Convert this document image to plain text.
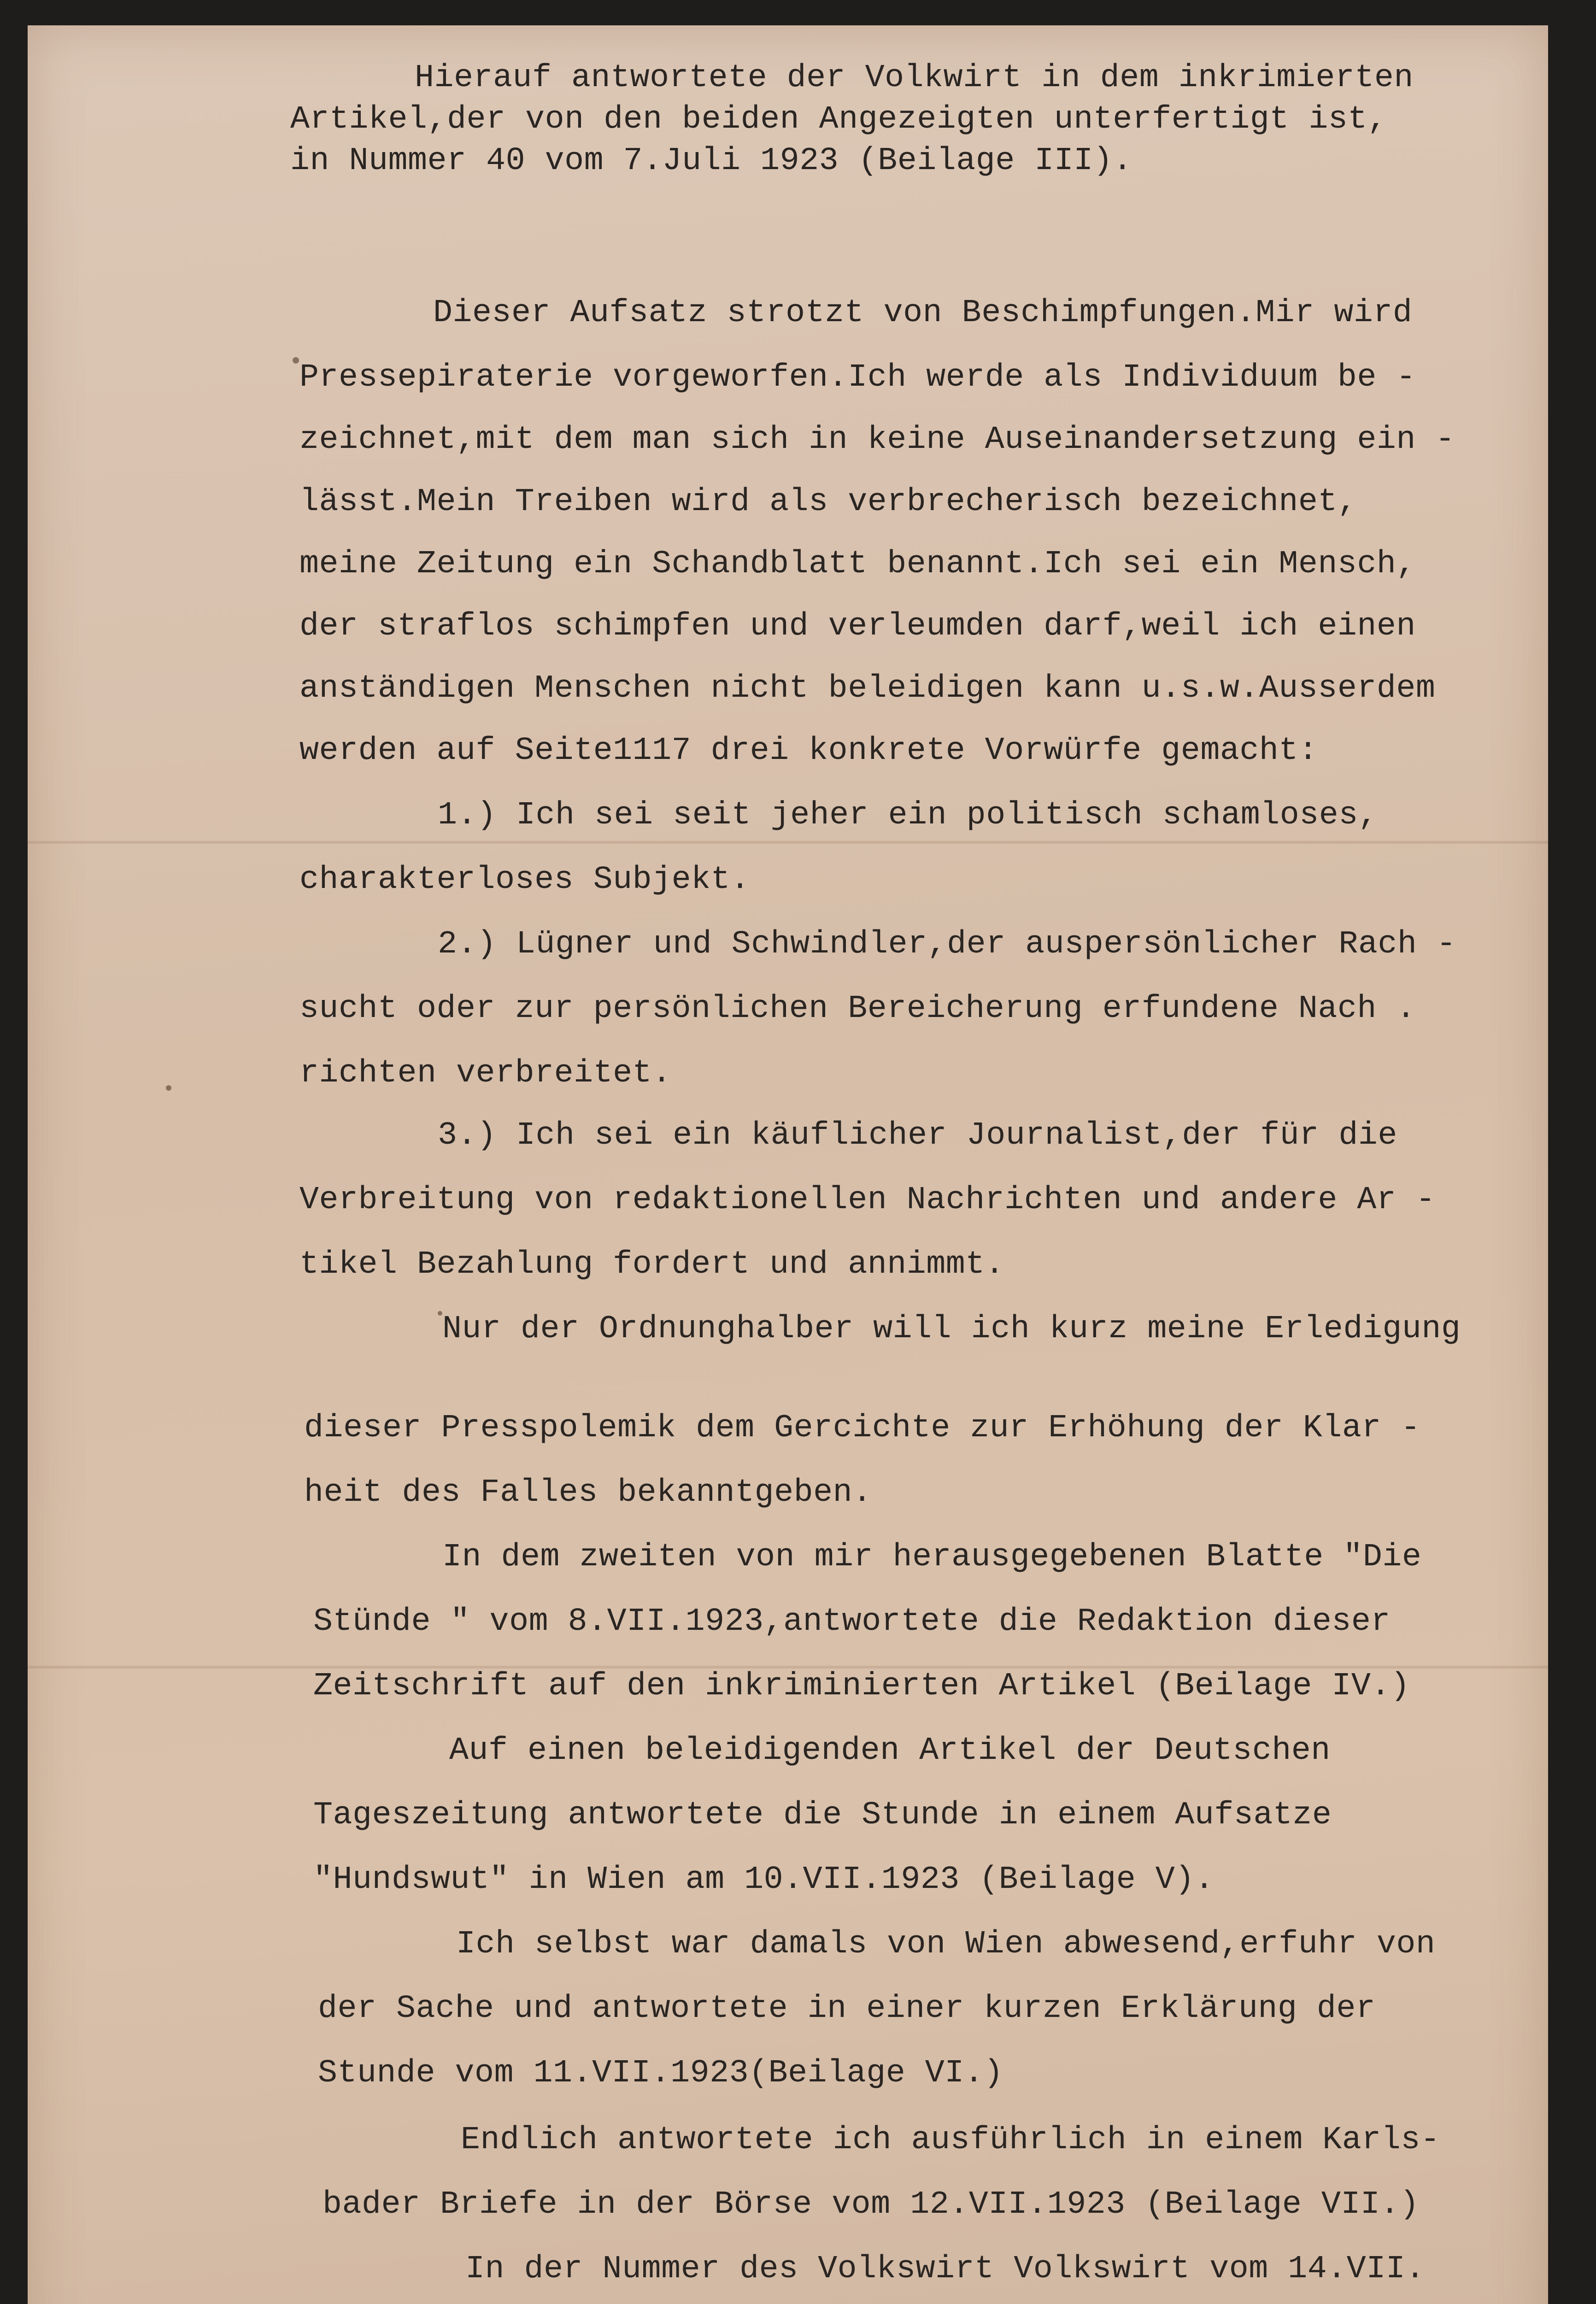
Hierauf antwortete der Volkwirt in dem inkrimierten
Artikel,der von den beiden Angezeigten unterfertigt ist,
in Nummer 40 vom 7.Juli 1923 (Beilage III).
Dieser Aufsatz strotzt von Beschimpfungen.Mir wird
Pressepiraterie vorgeworfen.Ich werde als Individuum be -
zeichnet,mit dem man sich in keine Auseinandersetzung ein -
lässt.Mein Treiben wird als verbrecherisch bezeichnet,
meine Zeitung ein Schandblatt benannt.Ich sei ein Mensch,
der straflos schimpfen und verleumden darf,weil ich einen
anständigen Menschen nicht beleidigen kann u.s.w.Ausserdem
werden auf Seite1117 drei konkrete Vorwürfe gemacht:
1.) Ich sei seit jeher ein politisch schamloses,
charakterloses Subjekt.
2.) Lügner und Schwindler,der auspersönlicher Rach -
sucht oder zur persönlichen Bereicherung erfundene Nach .
richten verbreitet.
3.) Ich sei ein käuflicher Journalist,der für die
Verbreitung von redaktionellen Nachrichten und andere Ar -
tikel Bezahlung fordert und annimmt.
Nur der Ordnunghalber will ich kurz meine Erledigung
dieser Presspolemik dem Gercichte zur Erhöhung der Klar -
heit des Falles bekanntgeben.
In dem zweiten von mir herausgegebenen Blatte "Die
Stünde " vom 8.VII.1923,antwortete die Redaktion dieser
Zeitschrift auf den inkriminierten Artikel (Beilage IV.)
Auf einen beleidigenden Artikel der Deutschen
Tageszeitung antwortete die Stunde in einem Aufsatze
"Hundswut" in Wien am 10.VII.1923 (Beilage V).
Ich selbst war damals von Wien abwesend,erfuhr von
der Sache und antwortete in einer kurzen Erklärung der
Stunde vom 11.VII.1923(Beilage VI.)
Endlich antwortete ich ausführlich in einem Karls-
bader Briefe in der Börse vom 12.VII.1923 (Beilage VII.)
In der Nummer des Volkswirt Volkswirt vom 14.VII.
